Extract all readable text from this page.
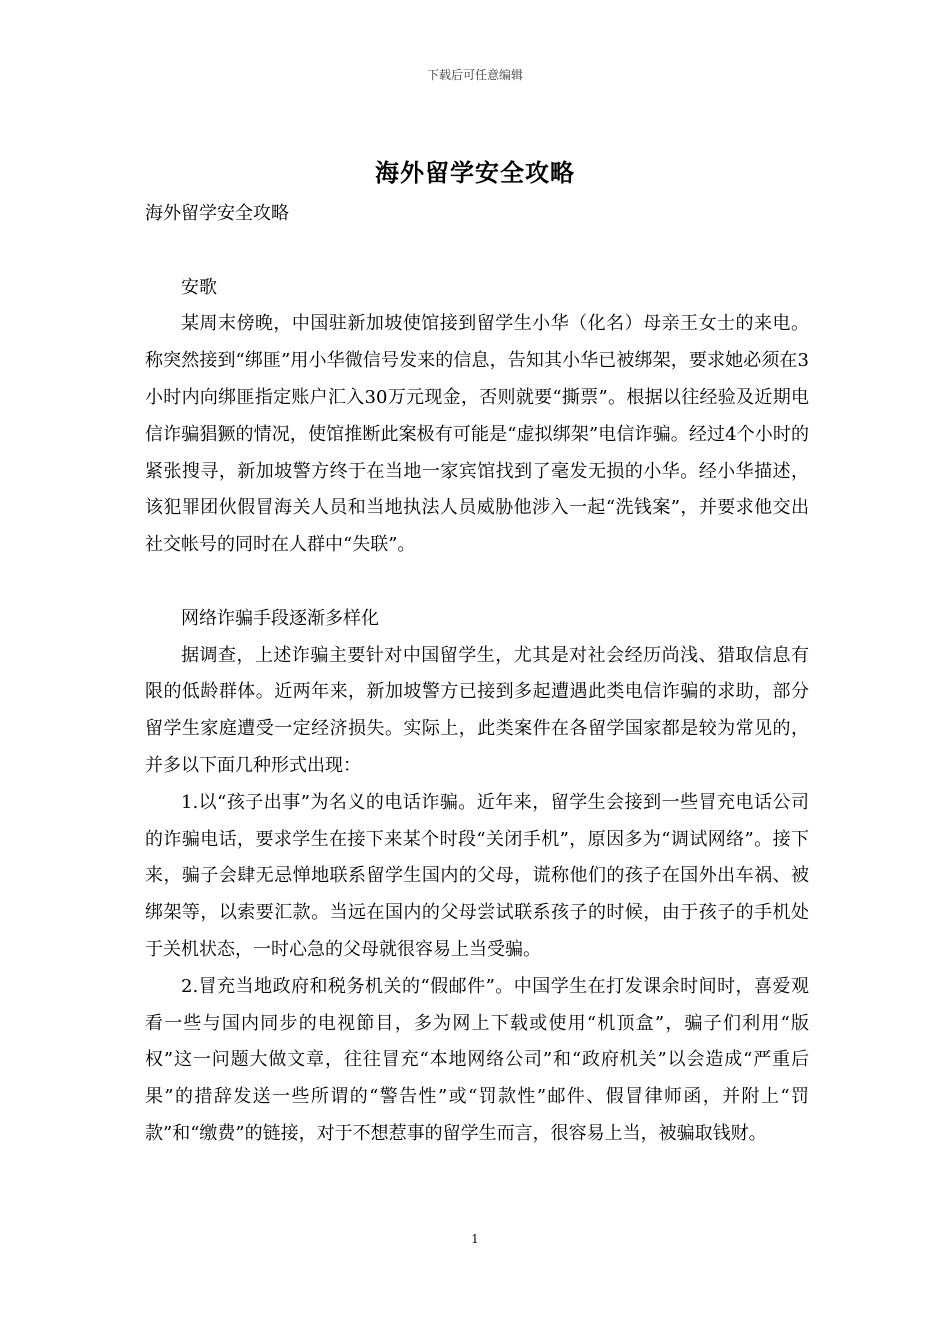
下载后可任意编辑
海外留学安全攻略

海外留学安全攻略

安歌

某周末傍晚，中国驻新加坡使馆接到留学生小华（化名）母亲王女士的来电。称突然接到“绑匪”用小华微信号发来的信息，告知其小华已被绑架，要求她必须在3小时内向绑匪指定账户汇入30万元现金，否则就要“撕票”。根据以往经验及近期电信诈骗猖獗的情况，使馆推断此案极有可能是“虚拟绑架”电信诈骗。经过4个小时的紧张搜寻，新加坡警方终于在当地一家宾馆找到了毫发无损的小华。经小华描述，该犯罪团伙假冒海关人员和当地执法人员威胁他涉入一起“洗钱案”，并要求他交出社交帐号的同时在人群中“失联”。

网络诈骗手段逐渐多样化

据调查，上述诈骗主要针对中国留学生，尤其是对社会经历尚浅、猎取信息有限的低龄群体。近两年来，新加坡警方已接到多起遭遇此类电信诈骗的求助，部分留学生家庭遭受一定经济损失。实际上，此类案件在各留学国家都是较为常见的，并多以下面几种形式出现：

1.以“孩子出事”为名义的电话诈骗。近年来，留学生会接到一些冒充电话公司的诈骗电话，要求学生在接下来某个时段“关闭手机”，原因多为“调试网络”。接下来，骗子会肆无忌惮地联系留学生国内的父母，谎称他们的孩子在国外出车祸、被绑架等，以索要汇款。当远在国内的父母尝试联系孩子的时候，由于孩子的手机处于关机状态，一时心急的父母就很容易上当受骗。

2.冒充当地政府和税务机关的“假邮件”。中国学生在打发课余时间时，喜爱观看一些与国内同步的电视節目，多为网上下载或使用“机顶盒”，骗子们利用“版权”这一问题大做文章，往往冒充“本地网络公司”和“政府机关”以会造成“严重后果”的措辞发送一些所谓的“警告性”或“罚款性”邮件、假冒律师函，并附上“罚款”和“缴费”的链接，对于不想惹事的留学生而言，很容易上当，被骗取钱财。

1
